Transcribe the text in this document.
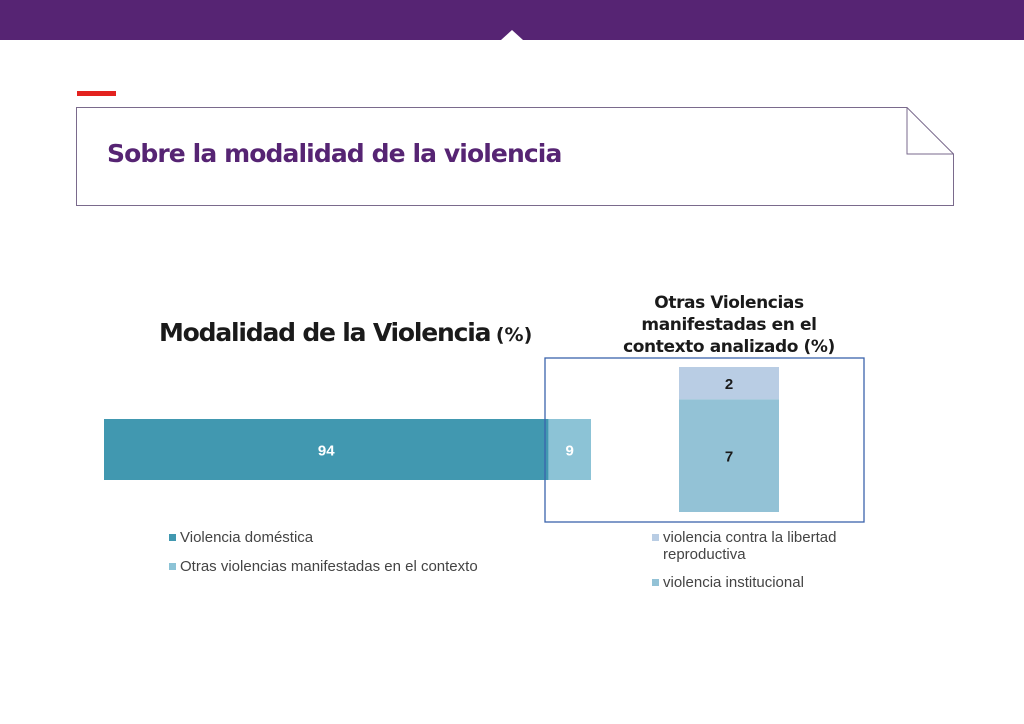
Sobre la modalidad de la violencia
Modalidad de la Violencia (%)
Otras Violencias manifestadas en el contexto analizado (%)
94	9	7
2
Violencia doméstica
Otras violencias manifestadas en el contexto
violencia contra la libertad reproductiva
violencia institucional
